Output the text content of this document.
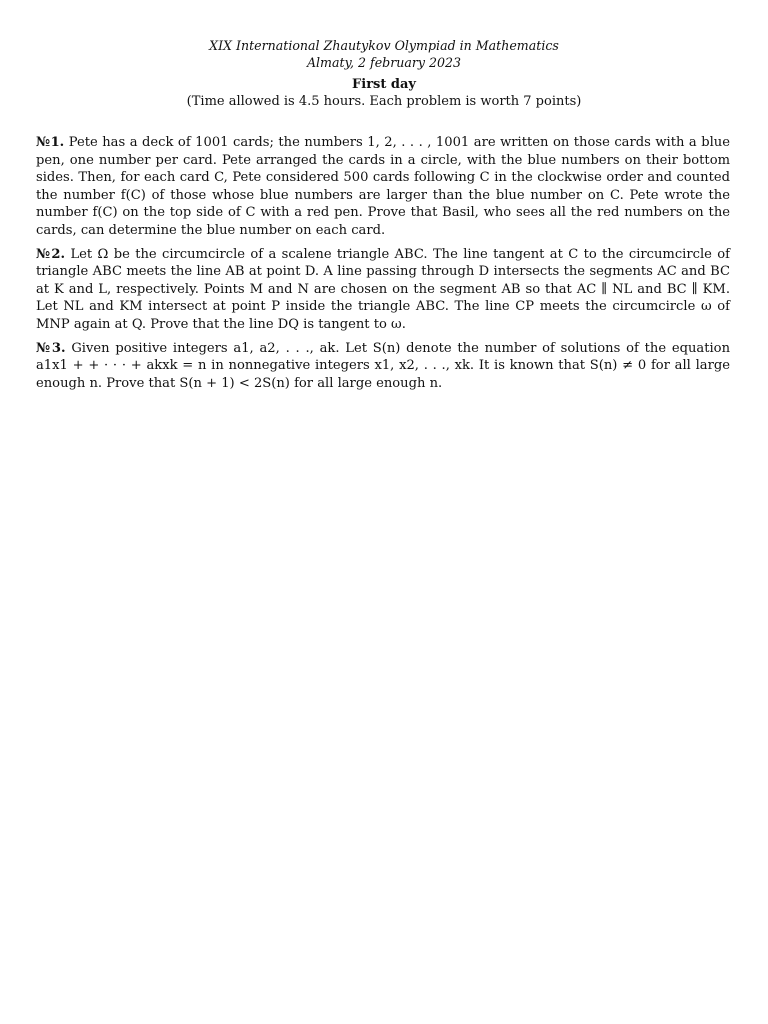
XIX International Zhautykov Olympiad in Mathematics
Almaty, 2 february 2023
First day
(Time allowed is 4.5 hours. Each problem is worth 7 points)

№1. Pete has a deck of 1001 cards; the numbers 1, 2, . . . , 1001 are written on those cards with a blue pen, one number per card. Pete arranged the cards in a circle, with the blue numbers on their bottom sides. Then, for each card C, Pete considered 500 cards following C in the clockwise order and counted the number f(C) of those whose blue numbers are larger than the blue number on C. Pete wrote the number f(C) on the top side of C with a red pen. Prove that Basil, who sees all the red numbers on the cards, can determine the blue number on each card.

№2. Let Ω be the circumcircle of a scalene triangle ABC. The line tangent at C to the circumcircle of triangle ABC meets the line AB at point D. A line passing through D intersects the segments AC and BC at K and L, respectively. Points M and N are chosen on the segment AB so that AC ∥ NL and BC ∥ KM. Let NL and KM intersect at point P inside the triangle ABC. The line CP meets the circumcircle ω of MNP again at Q. Prove that the line DQ is tangent to ω.

№3. Given positive integers a1, a2, . . ., ak. Let S(n) denote the number of solutions of the equation a1x1 + + · · · + akxk = n in nonnegative integers x1, x2, . . ., xk. It is known that S(n) ≠ 0 for all large enough n. Prove that S(n + 1) < 2S(n) for all large enough n.
